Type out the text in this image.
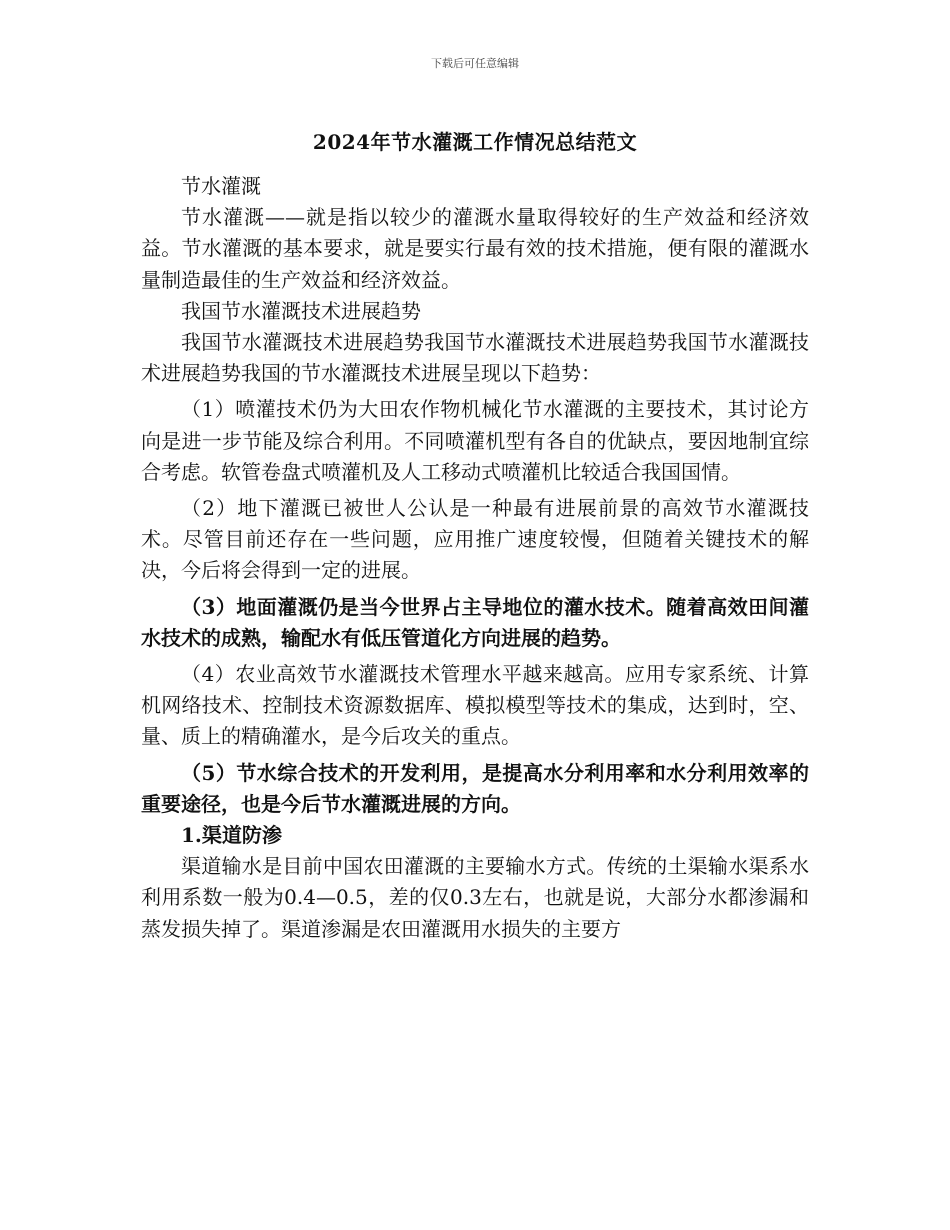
下载后可任意编辑
2024年节水灌溉工作情况总结范文

节水灌溉

节水灌溉——就是指以较少的灌溉水量取得较好的生产效益和经济效益。节水灌溉的基本要求，就是要实行最有效的技术措施，便有限的灌溉水量制造最佳的生产效益和经济效益。

我国节水灌溉技术进展趋势

我国节水灌溉技术进展趋势我国节水灌溉技术进展趋势我国节水灌溉技术进展趋势我国的节水灌溉技术进展呈现以下趋势：

（1）喷灌技术仍为大田农作物机械化节水灌溉的主要技术，其讨论方向是进一步节能及综合利用。不同喷灌机型有各自的优缺点，要因地制宜综合考虑。软管卷盘式喷灌机及人工移动式喷灌机比较适合我国国情。

（2）地下灌溉已被世人公认是一种最有进展前景的高效节水灌溉技术。尽管目前还存在一些问题，应用推广速度较慢，但随着关键技术的解决，今后将会得到一定的进展。

（3）地面灌溉仍是当今世界占主导地位的灌水技术。随着高效田间灌水技术的成熟，输配水有低压管道化方向进展的趋势。

（4）农业高效节水灌溉技术管理水平越来越高。应用专家系统、计算机网络技术、控制技术资源数据库、模拟模型等技术的集成，达到时，空、量、质上的精确灌水，是今后攻关的重点。

（5）节水综合技术的开发利用，是提高水分利用率和水分利用效率的重要途径，也是今后节水灌溉进展的方向。

1.渠道防渗

渠道输水是目前中国农田灌溉的主要输水方式。传统的土渠输水渠系水利用系数一般为0.4—0.5，差的仅0.3左右，也就是说，大部分水都渗漏和蒸发损失掉了。渠道渗漏是农田灌溉用水损失的主要方
